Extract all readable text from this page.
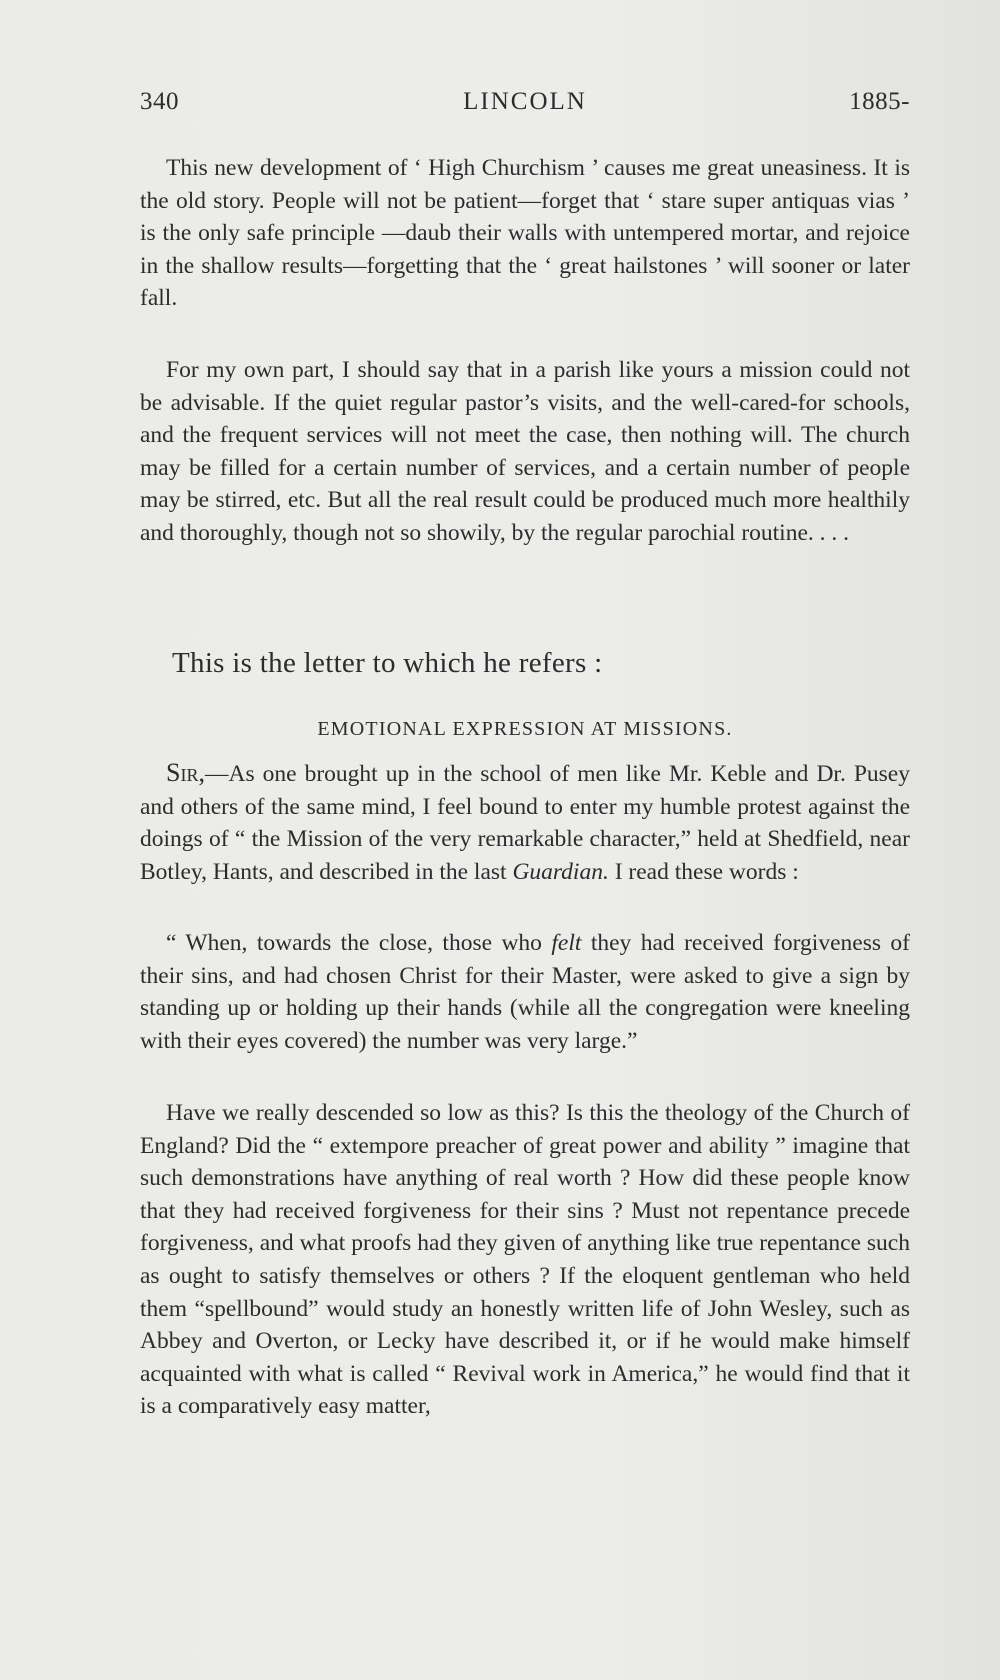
340	LINCOLN	1885-

This new development of ‘ High Churchism ’ causes me great uneasiness. It is the old story. People will not be patient—forget that ‘ stare super antiquas vias ’ is the only safe principle —daub their walls with untempered mortar, and rejoice in the shallow results—forgetting that the ‘ great hailstones ’ will sooner or later fall.

For my own part, I should say that in a parish like yours a mission could not be advisable. If the quiet regular pastor’s visits, and the well-cared-for schools, and the frequent services will not meet the case, then nothing will. The church may be filled for a certain number of services, and a certain number of people may be stirred, etc. But all the real result could be produced much more healthily and thoroughly, though not so showily, by the regular parochial routine. . . .

This is the letter to which he refers :

EMOTIONAL EXPRESSION AT MISSIONS.

Sir,—As one brought up in the school of men like Mr. Keble and Dr. Pusey and others of the same mind, I feel bound to enter my humble protest against the doings of “ the Mission of the very remarkable character,” held at Shedfield, near Botley, Hants, and described in the last Guardian. I read these words :

“ When, towards the close, those who felt they had received forgiveness of their sins, and had chosen Christ for their Master, were asked to give a sign by standing up or holding up their hands (while all the congregation were kneeling with their eyes covered) the number was very large.”

Have we really descended so low as this? Is this the theology of the Church of England? Did the “ extempore preacher of great power and ability ” imagine that such demonstrations have anything of real worth ? How did these people know that they had received forgiveness for their sins ? Must not repentance precede forgiveness, and what proofs had they given of anything like true repentance such as ought to satisfy themselves or others ? If the eloquent gentleman who held them “spellbound” would study an honestly written life of John Wesley, such as Abbey and Overton, or Lecky have described it, or if he would make himself acquainted with what is called “ Revival work in America,” he would find that it is a comparatively easy matter,
